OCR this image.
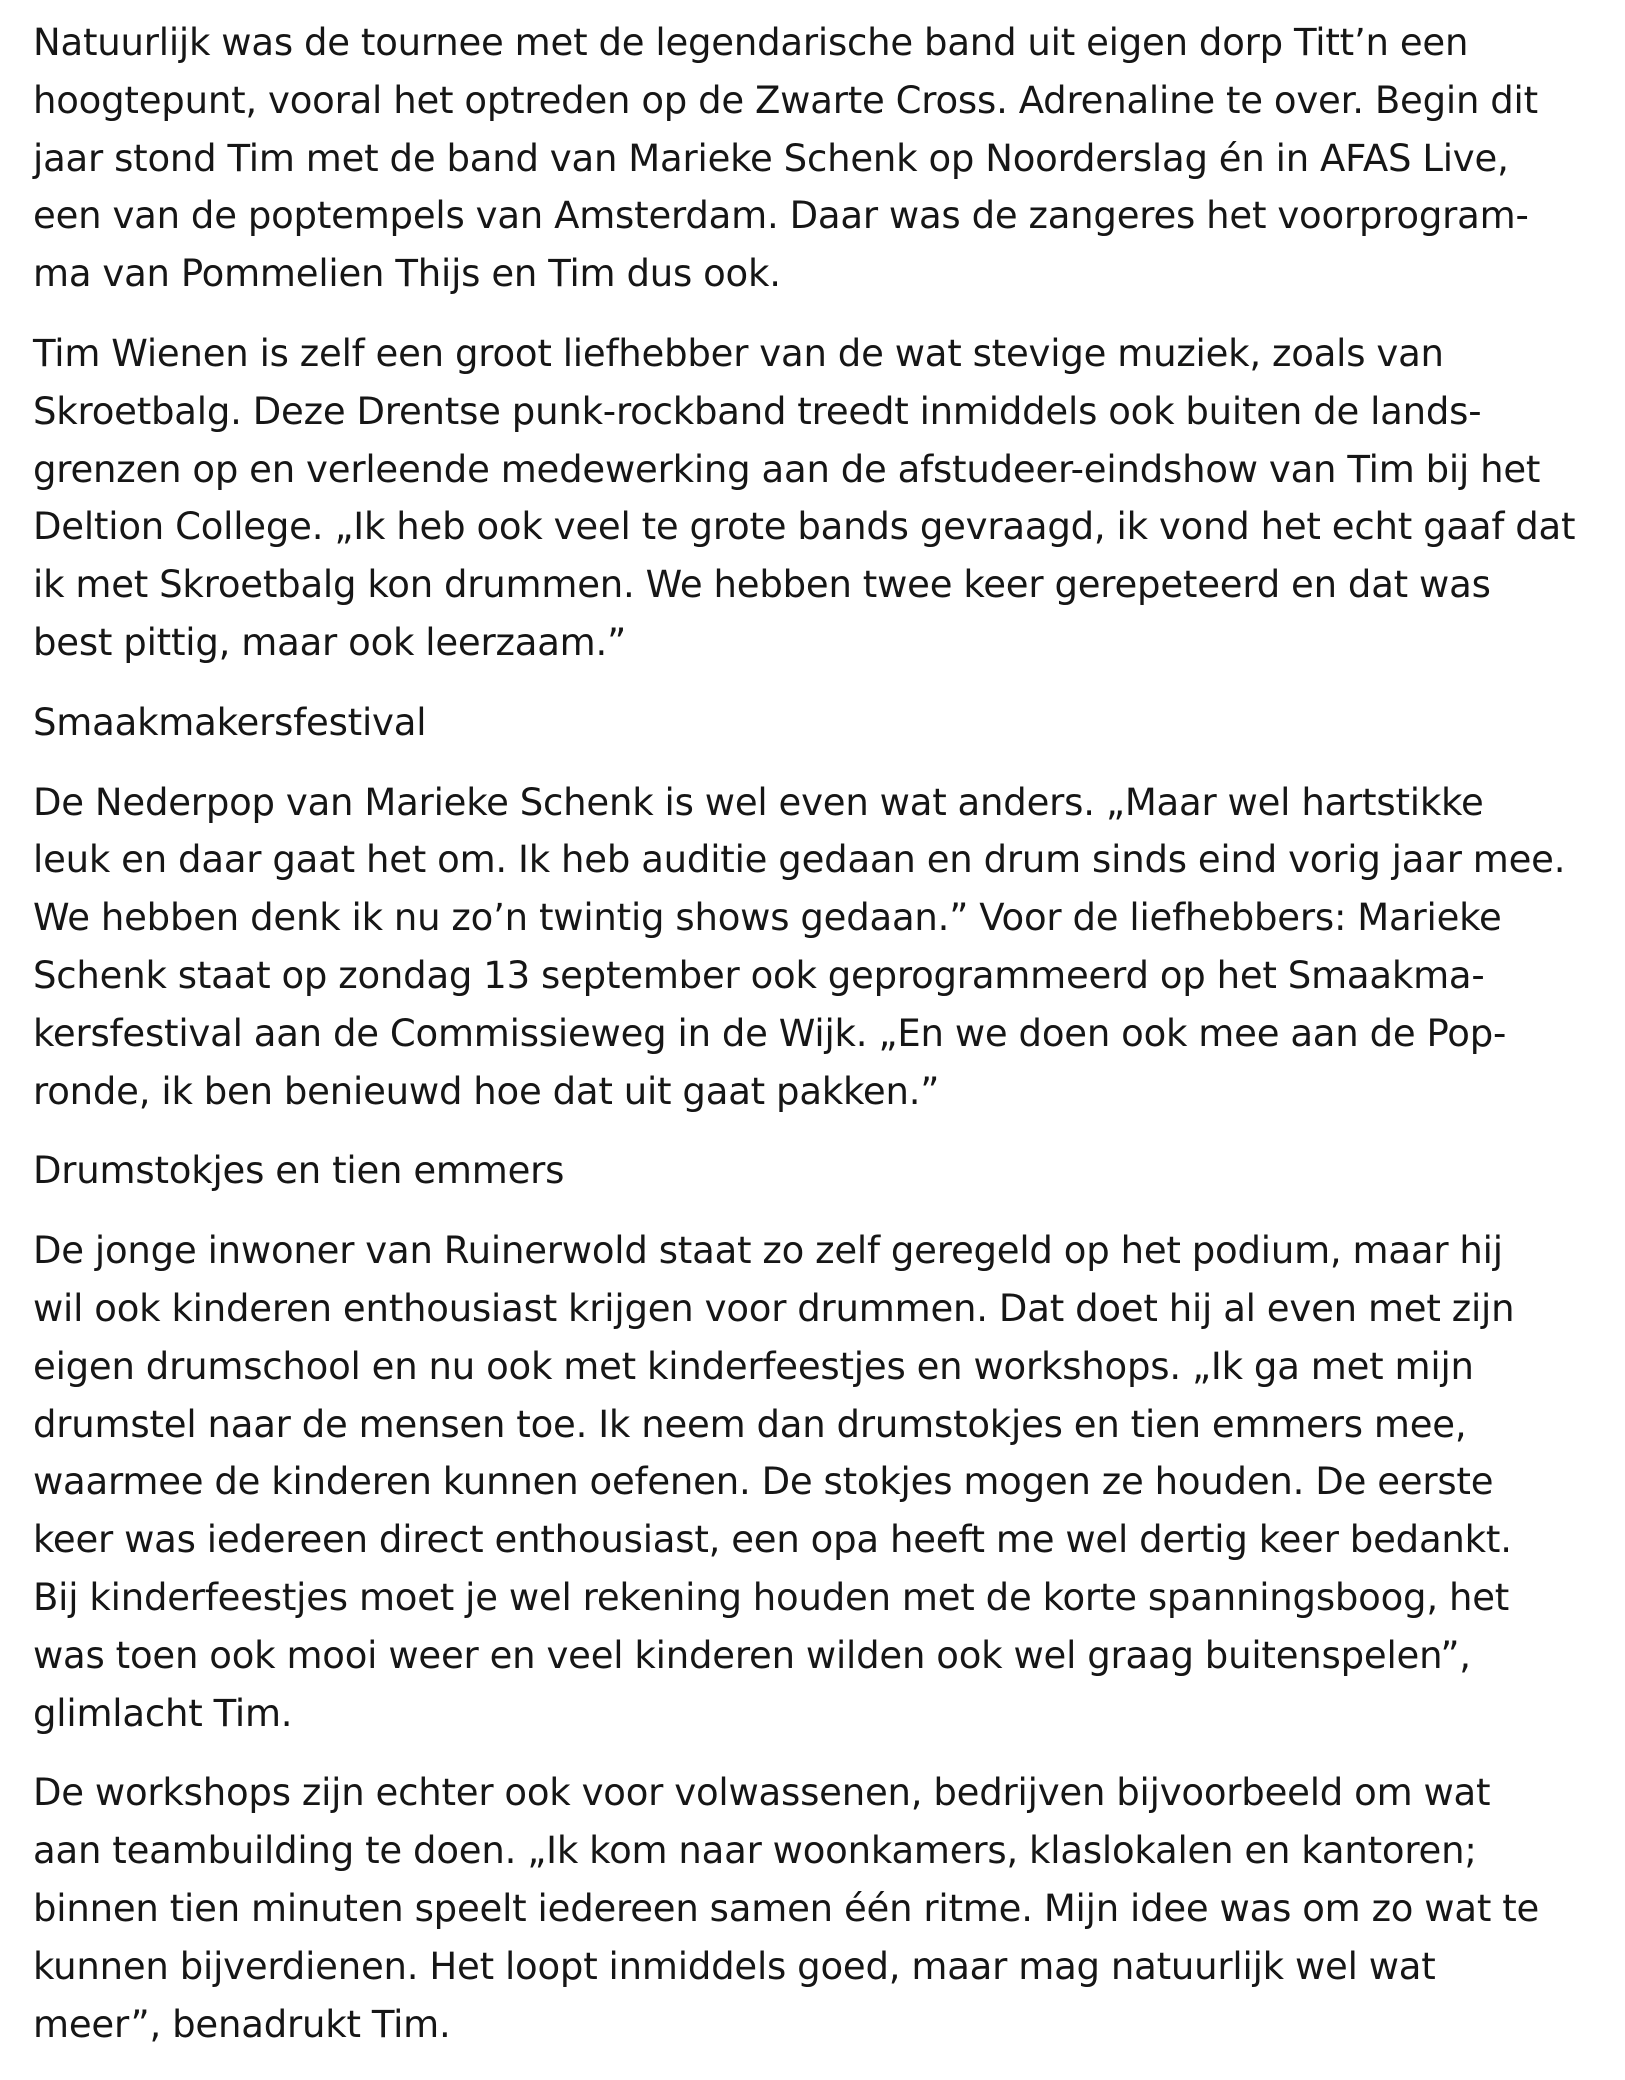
Natuurlijk was de tournee met de legendarische band uit eigen dorp Titt’n een
hoogtepunt, vooral het optreden op de Zwarte Cross. Adrenaline te over. Begin dit
jaar stond Tim met de band van Marieke Schenk op Noorderslag én in AFAS Live,
een van de poptempels van Amsterdam. Daar was de zangeres het voorprogram-
ma van Pommelien Thijs en Tim dus ook.

Tim Wienen is zelf een groot liefhebber van de wat stevige muziek, zoals van
Skroetbalg. Deze Drentse punk-rockband treedt inmiddels ook buiten de lands-
grenzen op en verleende medewerking aan de afstudeer-eindshow van Tim bij het
Deltion College. „Ik heb ook veel te grote bands gevraagd, ik vond het echt gaaf dat
ik met Skroetbalg kon drummen. We hebben twee keer gerepeteerd en dat was
best pittig, maar ook leerzaam.”

Smaakmakersfestival

De Nederpop van Marieke Schenk is wel even wat anders. „Maar wel hartstikke
leuk en daar gaat het om. Ik heb auditie gedaan en drum sinds eind vorig jaar mee.
We hebben denk ik nu zo’n twintig shows gedaan.” Voor de liefhebbers: Marieke
Schenk staat op zondag 13 september ook geprogrammeerd op het Smaakma-
kersfestival aan de Commissieweg in de Wijk. „En we doen ook mee aan de Pop-
ronde, ik ben benieuwd hoe dat uit gaat pakken.”

Drumstokjes en tien emmers

De jonge inwoner van Ruinerwold staat zo zelf geregeld op het podium, maar hij
wil ook kinderen enthousiast krijgen voor drummen. Dat doet hij al even met zijn
eigen drumschool en nu ook met kinderfeestjes en workshops. „Ik ga met mijn
drumstel naar de mensen toe. Ik neem dan drumstokjes en tien emmers mee,
waarmee de kinderen kunnen oefenen. De stokjes mogen ze houden. De eerste
keer was iedereen direct enthousiast, een opa heeft me wel dertig keer bedankt.
Bij kinderfeestjes moet je wel rekening houden met de korte spanningsboog, het
was toen ook mooi weer en veel kinderen wilden ook wel graag buitenspelen”,
glimlacht Tim.

De workshops zijn echter ook voor volwassenen, bedrijven bijvoorbeeld om wat
aan teambuilding te doen. „Ik kom naar woonkamers, klaslokalen en kantoren;
binnen tien minuten speelt iedereen samen één ritme. Mijn idee was om zo wat te
kunnen bijverdienen. Het loopt inmiddels goed, maar mag natuurlijk wel wat
meer”, benadrukt Tim.
